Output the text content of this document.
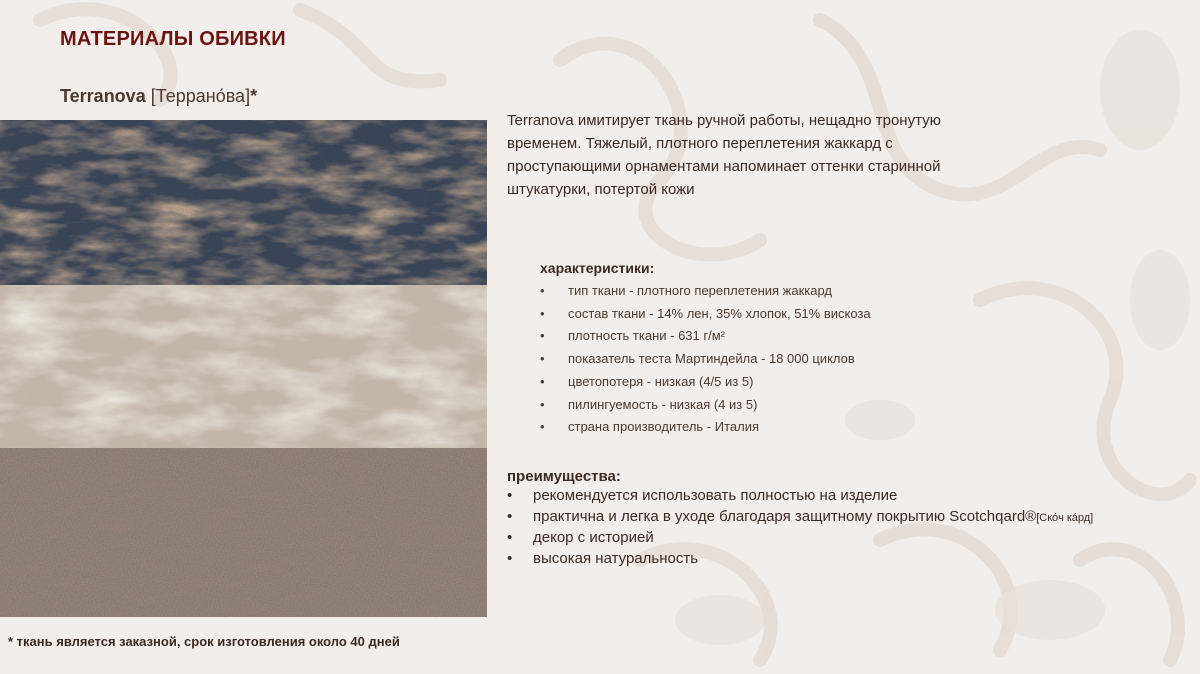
МАТЕРИАЛЫ ОБИВКИ
Terranova [Террано́ва]*
Terranova имитирует ткань ручной работы, нещадно тронутую временем. Тяжелый, плотного переплетения жаккард с проступающими орнаментами напоминает оттенки старинной штукатурки, потертой кожи
характеристики:
• тип ткани - плотного переплетения жаккард
• состав ткани - 14% лен, 35% хлопок, 51% вискоза
• плотность ткани - 631 г/м²
• показатель теста Мартиндейла - 18 000 циклов
• цветопотеря - низкая (4/5 из 5)
• пилингуемость - низкая (4 из 5)
• страна производитель - Италия
преимущества:
• рекомендуется использовать полностью на изделие
• практична и легка в уходе благодаря защитному покрытию Scotchqard®[Скóч кáрд]
• декор с историей
• высокая натуральность
* ткань является заказной, срок изготовления около 40 дней
